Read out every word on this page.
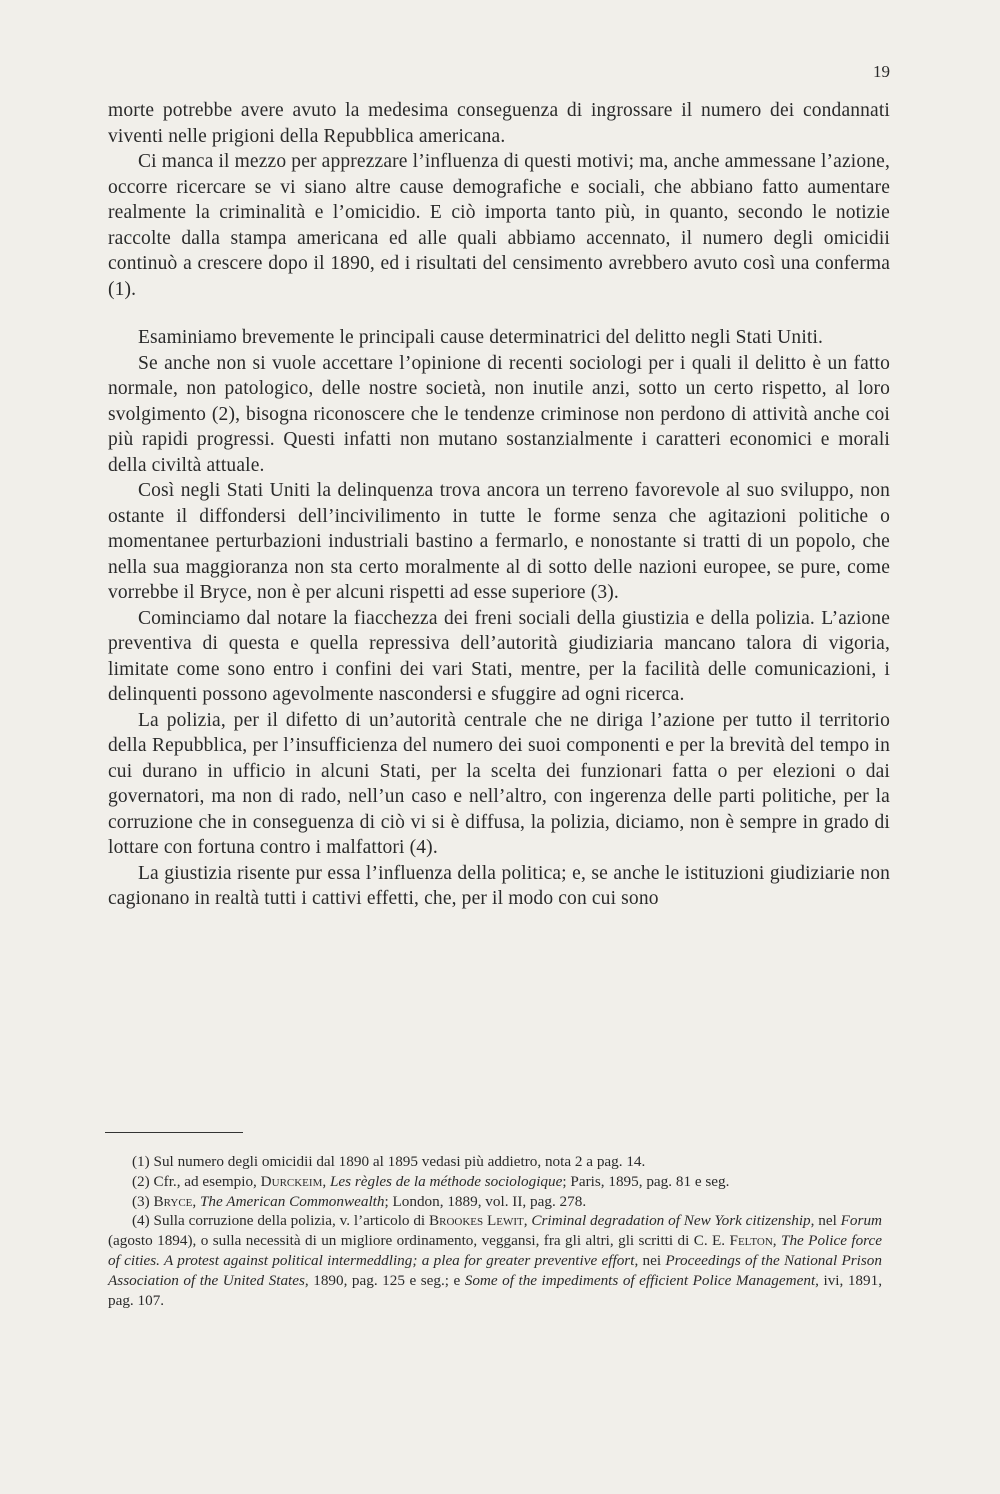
19

morte potrebbe avere avuto la medesima conseguenza di ingrossare il numero dei condannati viventi nelle prigioni della Repubblica americana.

Ci manca il mezzo per apprezzare l’influenza di questi motivi; ma, anche ammessane l’azione, occorre ricercare se vi siano altre cause demografiche e sociali, che abbiano fatto aumentare realmente la criminalità e l’omicidio. E ciò importa tanto più, in quanto, secondo le notizie raccolte dalla stampa americana ed alle quali abbiamo accennato, il numero degli omicidii continuò a crescere dopo il 1890, ed i risultati del censimento avrebbero avuto così una conferma (1).

Esaminiamo brevemente le principali cause determinatrici del delitto negli Stati Uniti.

Se anche non si vuole accettare l’opinione di recenti sociologi per i quali il delitto è un fatto normale, non patologico, delle nostre società, non inutile anzi, sotto un certo rispetto, al loro svolgimento (2), bisogna riconoscere che le tendenze criminose non perdono di attività anche coi più rapidi progressi. Questi infatti non mutano sostanzialmente i caratteri economici e morali della civiltà attuale.

Così negli Stati Uniti la delinquenza trova ancora un terreno favorevole al suo sviluppo, non ostante il diffondersi dell’incivilimento in tutte le forme senza che agitazioni politiche o momentanee perturbazioni industriali bastino a fermarlo, e nonostante si tratti di un popolo, che nella sua maggioranza non sta certo moralmente al di sotto delle nazioni europee, se pure, come vorrebbe il Bryce, non è per alcuni rispetti ad esse superiore (3).

Cominciamo dal notare la fiacchezza dei freni sociali della giustizia e della polizia. L’azione preventiva di questa e quella repressiva dell’autorità giudiziaria mancano talora di vigoria, limitate come sono entro i confini dei vari Stati, mentre, per la facilità delle comunicazioni, i delinquenti possono agevolmente nascondersi e sfuggire ad ogni ricerca.

La polizia, per il difetto di un’autorità centrale che ne diriga l’azione per tutto il territorio della Repubblica, per l’insufficienza del numero dei suoi componenti e per la brevità del tempo in cui durano in ufficio in alcuni Stati, per la scelta dei funzionari fatta o per elezioni o dai governatori, ma non di rado, nell’un caso e nell’altro, con ingerenza delle parti politiche, per la corruzione che in conseguenza di ciò vi si è diffusa, la polizia, diciamo, non è sempre in grado di lottare con fortuna contro i malfattori (4).

La giustizia risente pur essa l’influenza della politica; e, se anche le istituzioni giudiziarie non cagionano in realtà tutti i cattivi effetti, che, per il modo con cui sono

(1) Sul numero degli omicidii dal 1890 al 1895 vedasi più addietro, nota 2 a pag. 14.

(2) Cfr., ad esempio, Durckeim, Les règles de la méthode sociologique; Paris, 1895, pag. 81 e seg.

(3) Bryce, The American Commonwealth; London, 1889, vol. II, pag. 278.

(4) Sulla corruzione della polizia, v. l’articolo di Brookes Lewit, Criminal degradation of New York citizenship, nel Forum (agosto 1894), o sulla necessità di un migliore ordinamento, veggansi, fra gli altri, gli scritti di C. E. Felton, The Police force of cities. A protest against political intermeddling; a plea for greater preventive effort, nei Proceedings of the National Prison Association of the United States, 1890, pag. 125 e seg.; e Some of the impediments of efficient Police Management, ivi, 1891, pag. 107.
